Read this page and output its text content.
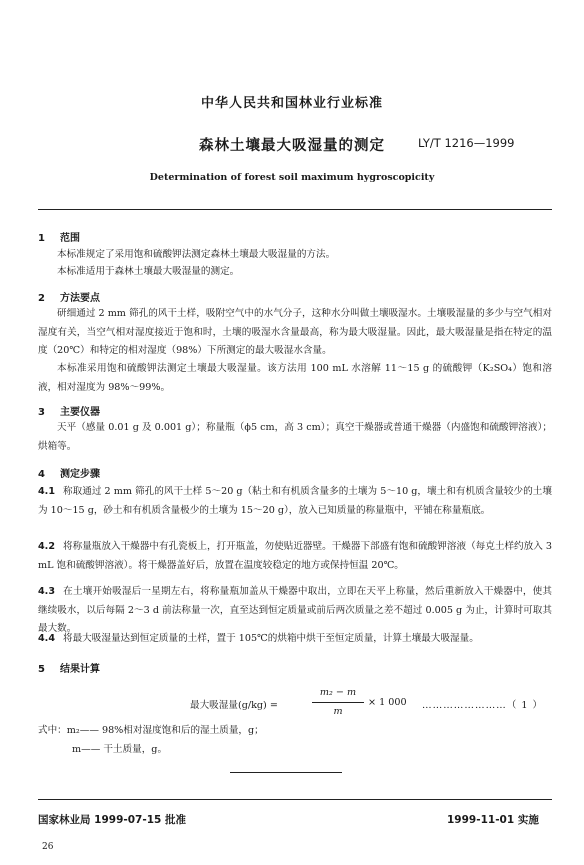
中华人民共和国林业行业标准
森林土壤最大吸湿量的测定	LY/T 1216—1999
Determination of forest soil maximum hygroscopicity
1 范围
本标准规定了采用饱和硫酸钾法测定森林土壤最大吸湿量的方法。
本标准适用于森林土壤最大吸湿量的测定。
2 方法要点
研细通过 2 mm 筛孔的风干土样，吸附空气中的水气分子，这种水分叫做土壤吸湿水。土壤吸湿量的多少与空气相对湿度有关，当空气相对湿度接近于饱和时，土壤的吸湿水含量最高，称为最大吸湿量。因此，最大吸湿量是指在特定的温度（20℃）和特定的相对湿度（98%）下所测定的最大吸湿水含量。
本标准采用饱和硫酸钾法测定土壤最大吸湿量。该方法用 100 mL 水溶解 11～15 g 的硫酸钾（K₂SO₄）饱和溶液，相对湿度为 98%～99%。
3 主要仪器
天平（感量 0.01 g 及 0.001 g）；称量瓶（ϕ5 cm，高 3 cm）；真空干燥器或普通干燥器（内盛饱和硫酸钾溶液）；烘箱等。
4 测定步骤
4.1 称取通过 2 mm 筛孔的风干土样 5～20 g（粘土和有机质含量多的土壤为 5～10 g，壤土和有机质含量较少的土壤为 10～15 g，砂土和有机质含量极少的土壤为 15～20 g），放入已知质量的称量瓶中，平铺在称量瓶底。
4.2 将称量瓶放入干燥器中有孔瓷板上，打开瓶盖，勿使贴近器壁。干燥器下部盛有饱和硫酸钾溶液（每克土样约放入 3 mL 饱和硫酸钾溶液）。将干燥器盖好后，放置在温度较稳定的地方或保持恒温 20℃。
4.3 在土壤开始吸湿后一星期左右，将称量瓶加盖从干燥器中取出，立即在天平上称量，然后重新放入干燥器中，使其继续吸水，以后每隔 2～3 d 前法称量一次，直至达到恒定质量或前后两次质量之差不超过 0.005 g 为止，计算时可取其最大数。
4.4 将最大吸湿量达到恒定质量的土样，置于 105℃的烘箱中烘干至恒定质量，计算土壤最大吸湿量。
5 结果计算
最大吸湿量(g/kg) =
m₂ − m
m
× 1 000 ……………………（ 1 ）
式中：m₂—— 98%相对湿度饱和后的湿土质量，g；
m—— 干土质量，g。
国家林业局 1999-07-15 批准	1999-11-01 实施
26
